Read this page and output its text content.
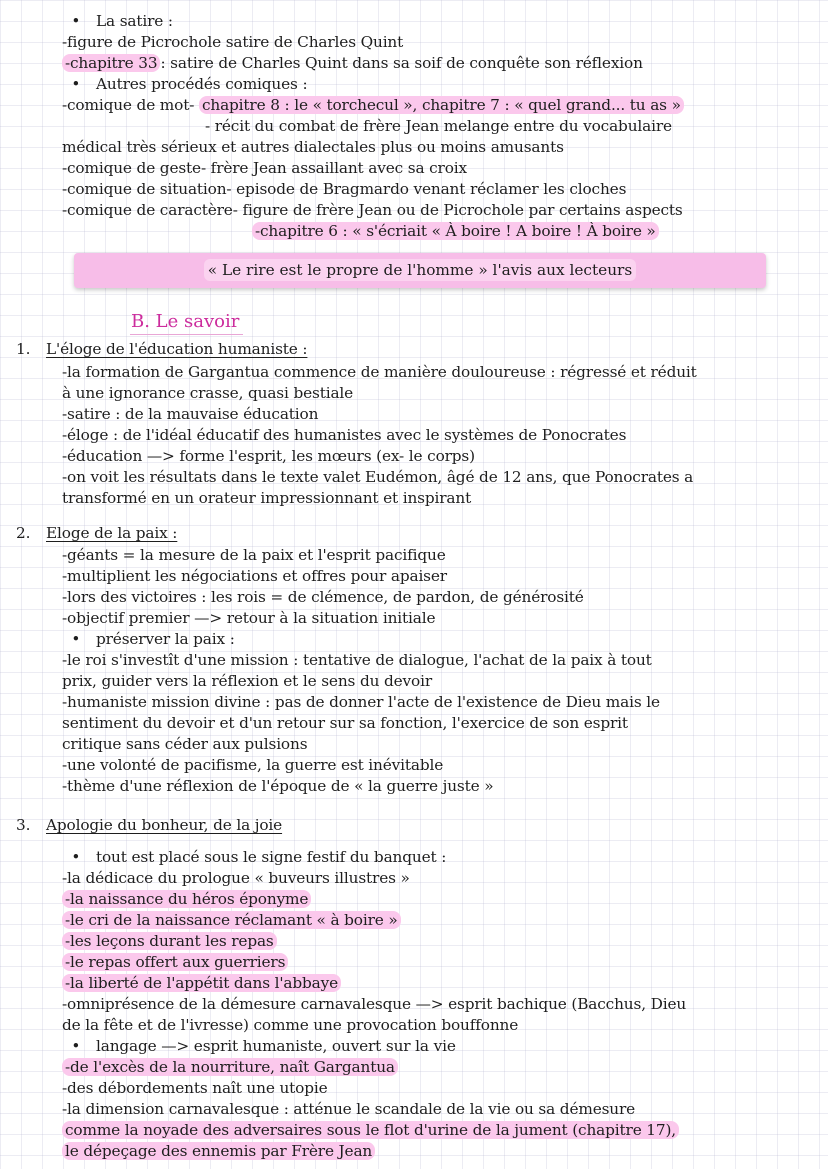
• La satire :
-figure de Picrochole satire de Charles Quint
-chapitre 33 : satire de Charles Quint dans sa soif de conquête son réflexion
• Autres procédés comiques :
-comique de mot- chapitre 8 : le « torchecul », chapitre 7 : « quel grand... tu as »
- récit du combat de frère Jean melange entre du vocabulaire
médical très sérieux et autres dialectales plus ou moins amusants
-comique de geste- frère Jean assaillant avec sa croix
-comique de situation- episode de Bragmardo venant réclamer les cloches
-comique de caractère- figure de frère Jean ou de Picrochole par certains aspects
-chapitre 6 : « s'écriait « À boire ! A boire ! À boire »
« Le rire est le propre de l'homme » l'avis aux lecteurs
B. Le savoir
1. L'éloge de l'éducation humaniste :
-la formation de Gargantua commence de manière douloureuse : régressé et réduit
à une ignorance crasse, quasi bestiale
-satire : de la mauvaise éducation
-éloge : de l'idéal éducatif des humanistes avec le systèmes de Ponocrates
-éducation —> forme l'esprit, les mœurs (ex- le corps)
-on voit les résultats dans le texte valet Eudémon, âgé de 12 ans, que Ponocrates a
transformé en un orateur impressionnant et inspirant
2. Eloge de la paix :
-géants = la mesure de la paix et l'esprit pacifique
-multiplient les négociations et offres pour apaiser
-lors des victoires : les rois = de clémence, de pardon, de générosité
-objectif premier —> retour à la situation initiale
• préserver la paix :
-le roi s'investît d'une mission : tentative de dialogue, l'achat de la paix à tout
prix, guider vers la réflexion et le sens du devoir
-humaniste mission divine : pas de donner l'acte de l'existence de Dieu mais le
sentiment du devoir et d'un retour sur sa fonction, l'exercice de son esprit
critique sans céder aux pulsions
-une volonté de pacifisme, la guerre est inévitable
-thème d'une réflexion de l'époque de « la guerre juste »
3. Apologie du bonheur, de la joie
• tout est placé sous le signe festif du banquet :
-la dédicace du prologue « buveurs illustres »
-la naissance du héros éponyme
-le cri de la naissance réclamant « à boire »
-les leçons durant les repas
-le repas offert aux guerriers
-la liberté de l'appétit dans l'abbaye
-omniprésence de la démesure carnavalesque —> esprit bachique (Bacchus, Dieu
de la fête et de l'ivresse) comme une provocation bouffonne
• langage —> esprit humaniste, ouvert sur la vie
-de l'excès de la nourriture, naît Gargantua
-des débordements naît une utopie
-la dimension carnavalesque : atténue le scandale de la vie ou sa démesure
comme la noyade des adversaires sous le flot d'urine de la jument (chapitre 17),
le dépeçage des ennemis par Frère Jean
